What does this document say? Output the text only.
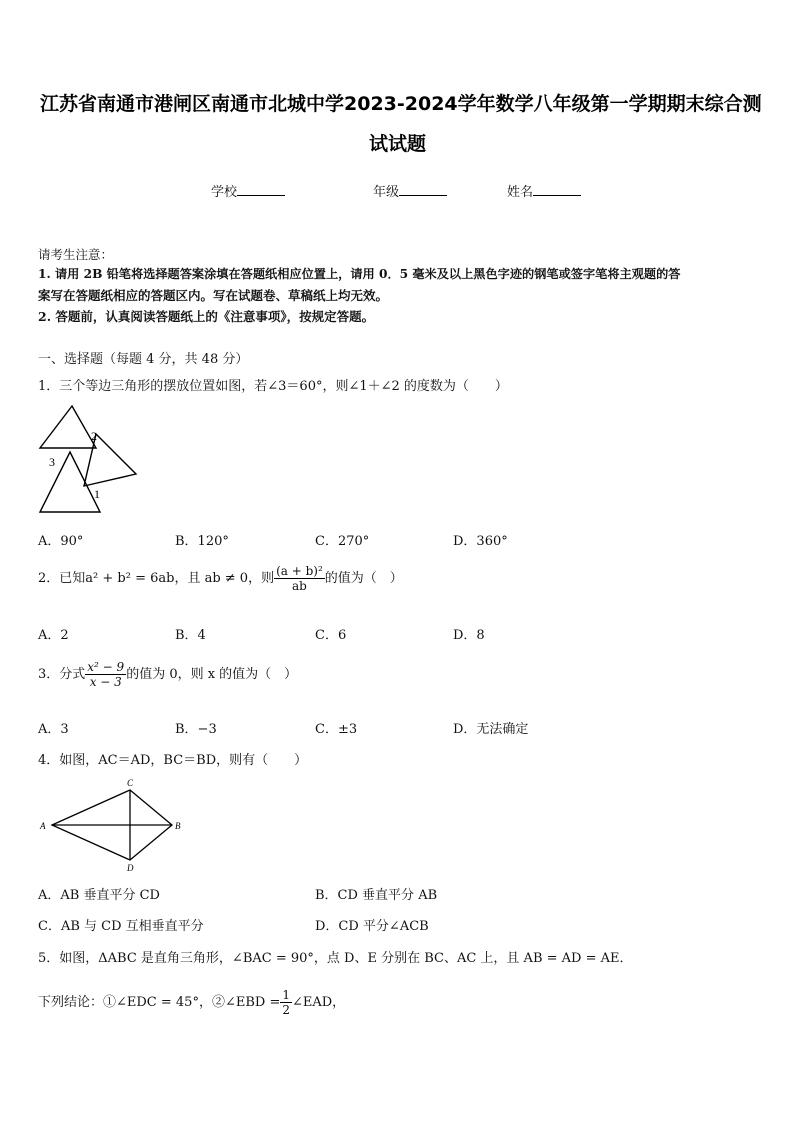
江苏省南通市港闸区南通市北城中学2023-2024学年数学八年级第一学期期末综合测
试试题
学校	年级	姓名
请考生注意：
1. 请用 2B 铅笔将选择题答案涂填在答题纸相应位置上，请用 0．5 毫米及以上黑色字迹的钢笔或签字笔将主观题的答
案写在答题纸相应的答题区内。写在试题卷、草稿纸上均无效。
2. 答题前，认真阅读答题纸上的《注意事项》，按规定答题。
一、选择题（每题 4 分，共 48 分）
1．三个等边三角形的摆放位置如图，若∠3＝60°，则∠1＋∠2 的度数为（　　）
2
3
1
A．90°	B．120°	C．270°	D．360°
2．已知a² + b² = 6ab，且 ab ≠ 0，则 $\frac{\text{(a + b)²}}{ab}$ 的值为（　）
A．2	B．4	C．6	D．8
3．分式 $\frac{\text{x² − 9}}{x - 3}$ 的值为 0，则 x 的值为（　）
A．3	B．−3	C．±3	D．无法确定
4．如图，AC＝AD，BC＝BD，则有（　　）
A	B
C
D
A．AB 垂直平分 CD	B．CD 垂直平分 AB
C．AB 与 CD 互相垂直平分	D．CD 平分∠ACB
5．如图，ΔABC 是直角三角形，∠BAC = 90°，点 D、E 分别在 BC、AC 上，且 AB = AD = AE．
下列结论：①∠EDC = 45°，②∠EBD = $\frac{1}{2}$ ∠EAD，
